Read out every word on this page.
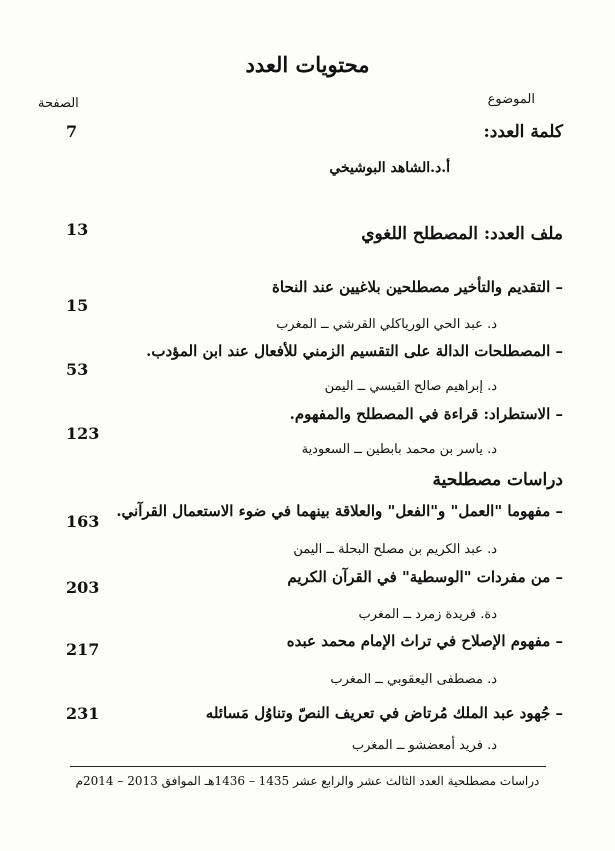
محتويات العدد
الموضوع
الصفحة
كلمة العدد:
7
أ.د.الشاهد البوشيخي
ملف العدد: المصطلح اللغوي
13
– التقديم والتأخير مصطلحين بلاغيين عند النحاة
15
د. عبد الحي الورياكلي القرشي ــ المغرب
– المصطلحات الدالة على التقسيم الزمني للأفعال عند ابن المؤدب.
53
د. إبراهيم صالح القيسي ــ اليمن
– الاستطراد: قراءة في المصطلح والمفهوم.
123
د. ياسر بن محمد بابطين ــ السعودية
دراسات مصطلحية
– مفهوما "العمل" و"الفعل" والعلاقة بينهما في ضوء الاستعمال القرآني.
163
د. عبد الكريم بن مصلح البحلة ــ اليمن
– من مفردات "الوسطية" في القرآن الكريم
203
دة. فريدة زمرد ــ المغرب
– مفهوم الإصلاح في تراث الإمام محمد عبده
217
د. مصطفى اليعقوبي ــ المغرب
– جُهود عبد الملك مُرتاض في تعريف النصّ وتناوُل مَسائله
231
د. فريد أمعضشو ــ المغرب
دراسات مصطلحية العدد الثالث عشر والرابع عشر 1435 – 1436هـ الموافق 2013 – 2014م
